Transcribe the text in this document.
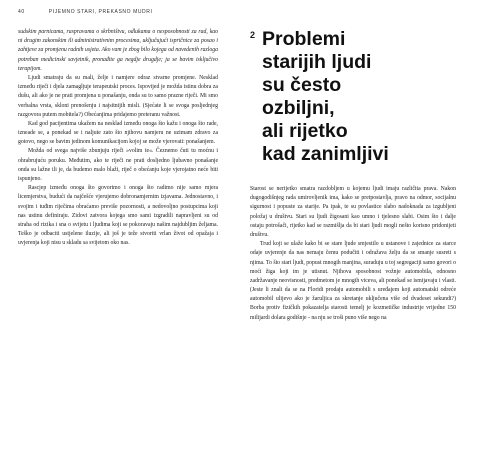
40	PIJEMNO STARI, PREKASNO MUDRI

sudskim parnicama, raspravama o skrbništvu, odlukama o nesposobnosti za rad, kao ni drugim zakonskim ili administrativnim procesima, uključujući ispričnice za posao i zahtjeve za promjenu radnih usjeta. Ako vam je zbog bilo kojega od navedenih razloga potreban medicinski savjetnik, pronađite ga negdje drugdje; ja se bavim isključivo terapijom.

Ljudi smatraju da su mali, želje i namjere odraz stvarne promjene. Nesklad između riječi i djela zamagljuje terapeutski proces. Ispovijed je možda istinu dobra za dušu, ali ako je ne prati promjena u ponašanju, onda su to samo prazne riječi. Mi smo verbalna vrsta, skloni prenošenju i najsitnijih misli. (Sjećate li se svoga posljednjeg razgovora putem mobitela?) Obećanjima pridajemo preteranu važnost.

Kad god pacijentima ukažem na nesklad između onoga što kažu i onoga što rade, izneade se, a ponekad se i naljute zato što njihovu namjeru ne uzimam zdravo za gotovo, nego se bavim jedinom komunikacijom kojoj se može vjerovati: ponašanjem.

Možda od svega najviše zbunjuju riječi »volim te«. Čeznemo čuti tu moćnu i ohrabrujuću poruku. Međutim, ako te riječi ne prati dosljedno ljubavno ponašanje onda su lažne ili je, da budemo malo blaži, riječ o obećanju koje vjerojatno neće biti ispunjeno.

Rascjep između onoga što govorimo i onoga što radimo nije samo mjera licemjerstva, budući da najčešće vjerujemo dobronamjernim izjavama. Jednostavno, i svojim i tuđim riječima obraćamo previše pozornosti, a nedovoljno postupcima koji nas ustinu definiraju. Zidovi zatvora kojega smo sami izgradili napravljeni su od straha od rizika i sna o svijetu i ljudima koji se pokoravaju našim najdubljim željama. Teško je odbaciti ustjelene iluzije, ali još je teže stvoriti vrlan život od opažaja i uvjerenja koji nisu u skladu sa svijetom oko nas.

2 Problemi
starijih ljudi
su često
ozbiljni,
ali rijetko
kad zanimljivi

Starost se nerijetko smatra razdobljem u kojemu ljudi imaju različita prava. Nakon dugogodišnjeg rada umirovljenik ima, kako se pretpostavlja, pravo na odmor, socijalnu sigurnost i popuste za starije. Pa ipak, te su povlastice slabo nadoknada za izgubljeni položaj u društvu. Stari su ljudi žigosani kao umno i tjelesno slabi. Osim što i dalje ostaju potrošači, rijetko kad se razmišlja da bi stari ljudi mogli nešto korisno pridonijeti društvu.

Trud koji se ulaže kako bi se stare ljude smjestilo u ustanove i zajednice za starce odaje uvjerenje da nas nemaju čemu podučiti i odražava želju da se smanje susreti s njima. To što stari ljudi, popust mnogih manjina, suraduju u toj segregaciji samo govori o moći žiga koji im je utisnut. Njihova sposobnost vožnje automobila, odnosno zadržavanje neovisnosti, predmetom je mnogih viceva, ali ponekad se ismijavaju i vlasti. (Jeste li znali da se na Floridi prodaju automobili s uređajem koji automatski odreće automobil ulijevo ako je žaruljica za skretanje uključena više od dvadeset sekundi?) Borba protiv fizičkih pokazatelja starosti temelj je kozmetičke industrije vrijedne 150 milijardi dolara godišnje - na nju se troši puno više nego na
